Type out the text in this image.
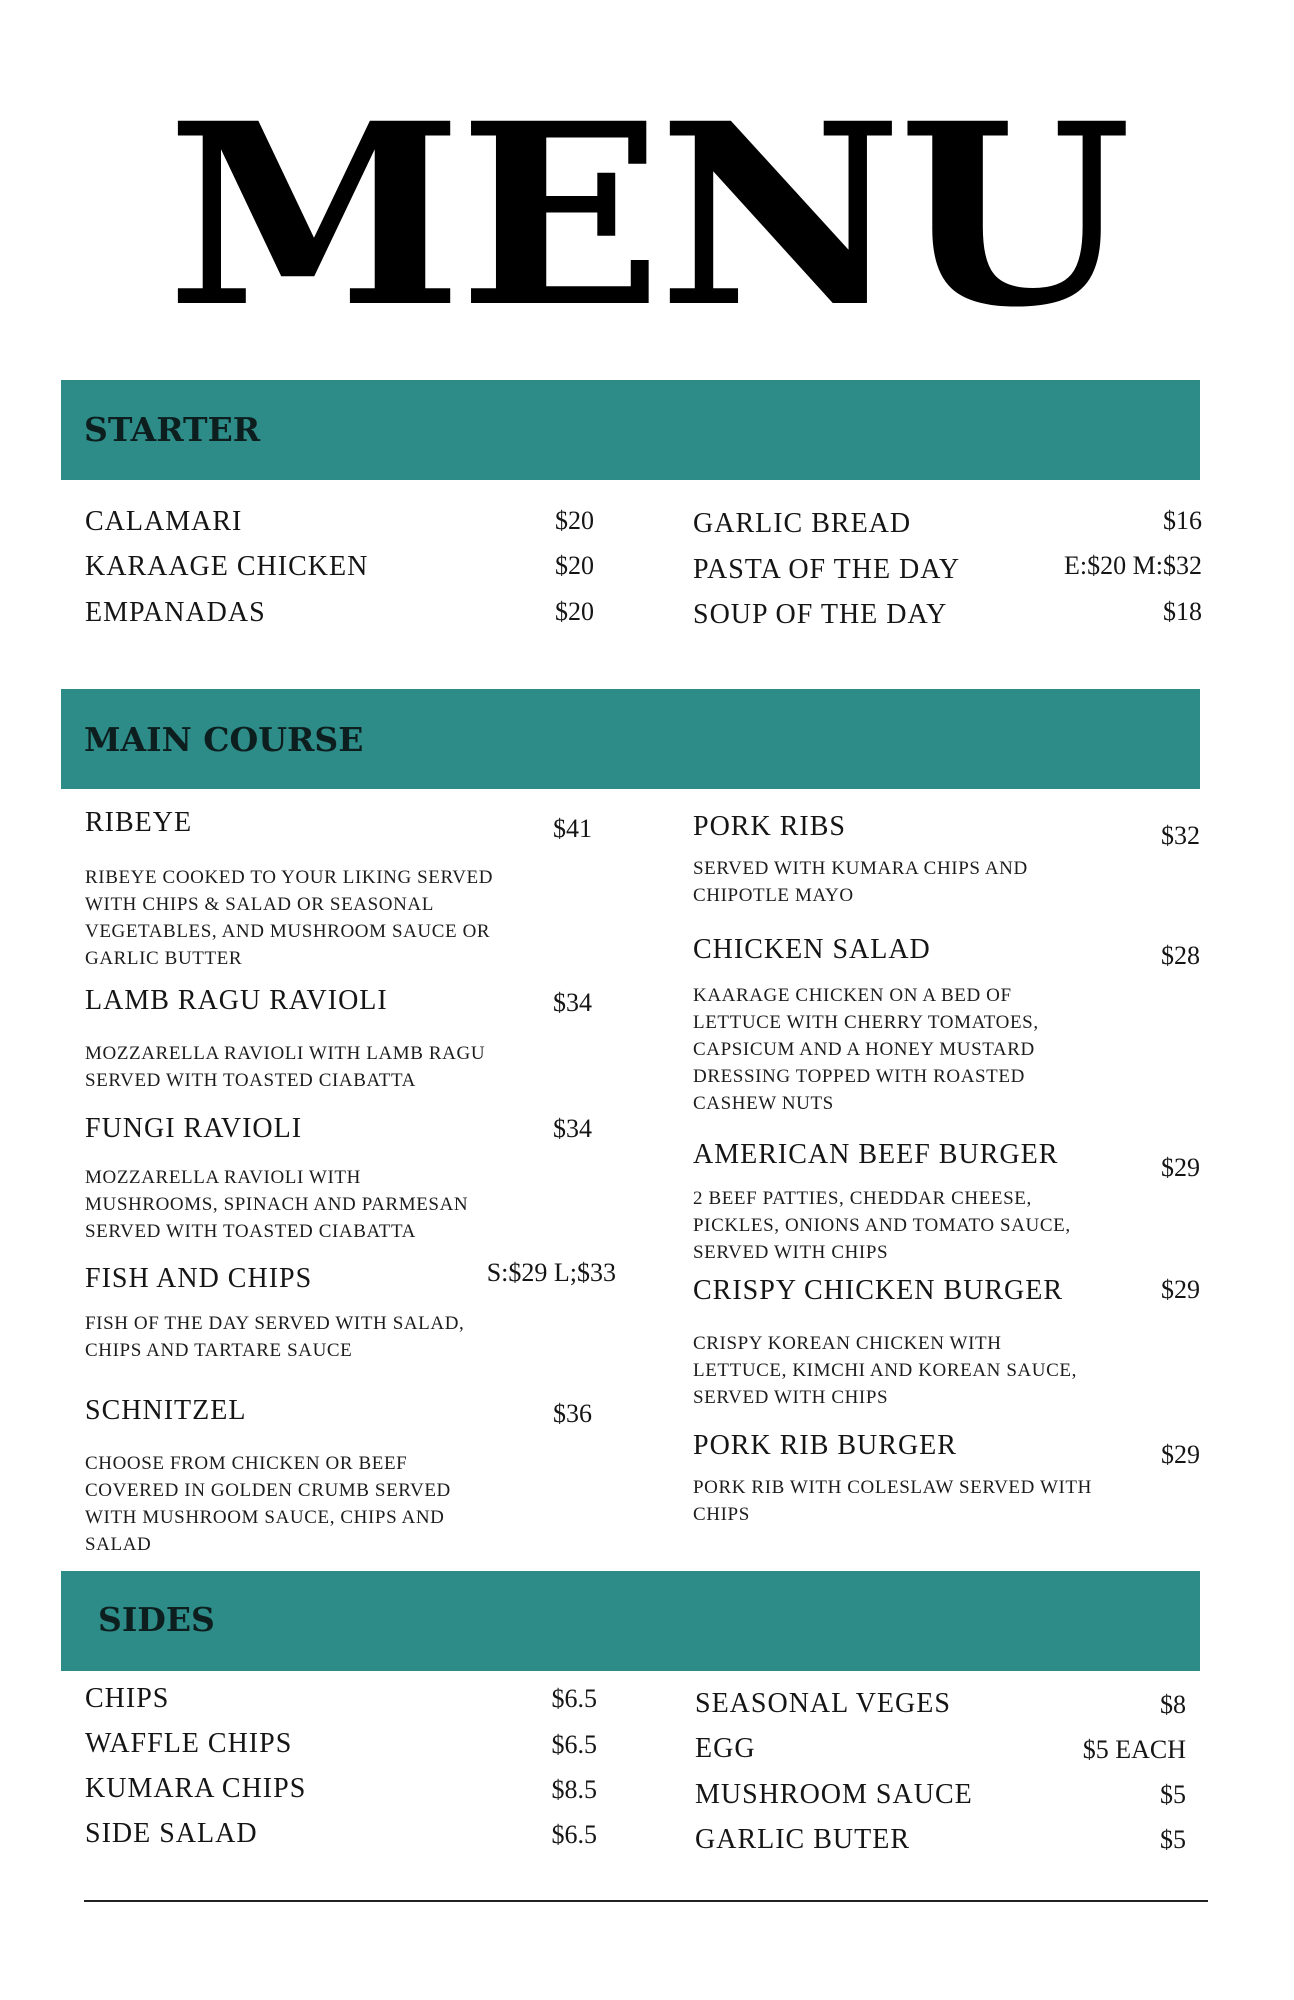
MENU
STARTER
CALAMARI	$20
KARAAGE CHICKEN	$20
EMPANADAS	$20
GARLIC BREAD	$16
PASTA OF THE DAY	E:$20 M:$32
SOUP OF THE DAY	$18
MAIN COURSE
RIBEYE	$41
RIBEYE COOKED TO YOUR LIKING SERVED
WITH CHIPS & SALAD OR SEASONAL
VEGETABLES, AND MUSHROOM SAUCE OR
GARLIC BUTTER
LAMB RAGU RAVIOLI	$34
MOZZARELLA RAVIOLI WITH LAMB RAGU
SERVED WITH TOASTED CIABATTA
FUNGI RAVIOLI	$34
MOZZARELLA RAVIOLI WITH
MUSHROOMS, SPINACH AND PARMESAN
SERVED WITH TOASTED CIABATTA
FISH AND CHIPS	S:$29 L;$33
FISH OF THE DAY SERVED WITH SALAD,
CHIPS AND TARTARE SAUCE
SCHNITZEL	$36
CHOOSE FROM CHICKEN OR BEEF
COVERED IN GOLDEN CRUMB SERVED
WITH MUSHROOM SAUCE, CHIPS AND
SALAD
PORK RIBS	$32
SERVED WITH KUMARA CHIPS AND
CHIPOTLE MAYO
CHICKEN SALAD	$28
KAARAGE CHICKEN ON A BED OF
LETTUCE WITH CHERRY TOMATOES,
CAPSICUM AND A HONEY MUSTARD
DRESSING TOPPED WITH ROASTED
CASHEW NUTS
AMERICAN BEEF BURGER	$29
2 BEEF PATTIES, CHEDDAR CHEESE,
PICKLES, ONIONS AND TOMATO SAUCE,
SERVED WITH CHIPS
CRISPY CHICKEN BURGER	$29
CRISPY KOREAN CHICKEN WITH
LETTUCE, KIMCHI AND KOREAN SAUCE,
SERVED WITH CHIPS
PORK RIB BURGER	$29
PORK RIB WITH COLESLAW SERVED WITH
CHIPS
SIDES
CHIPS	$6.5
WAFFLE CHIPS	$6.5
KUMARA CHIPS	$8.5
SIDE SALAD	$6.5
SEASONAL VEGES	$8
EGG	$5 EACH
MUSHROOM SAUCE	$5
GARLIC BUTER	$5
